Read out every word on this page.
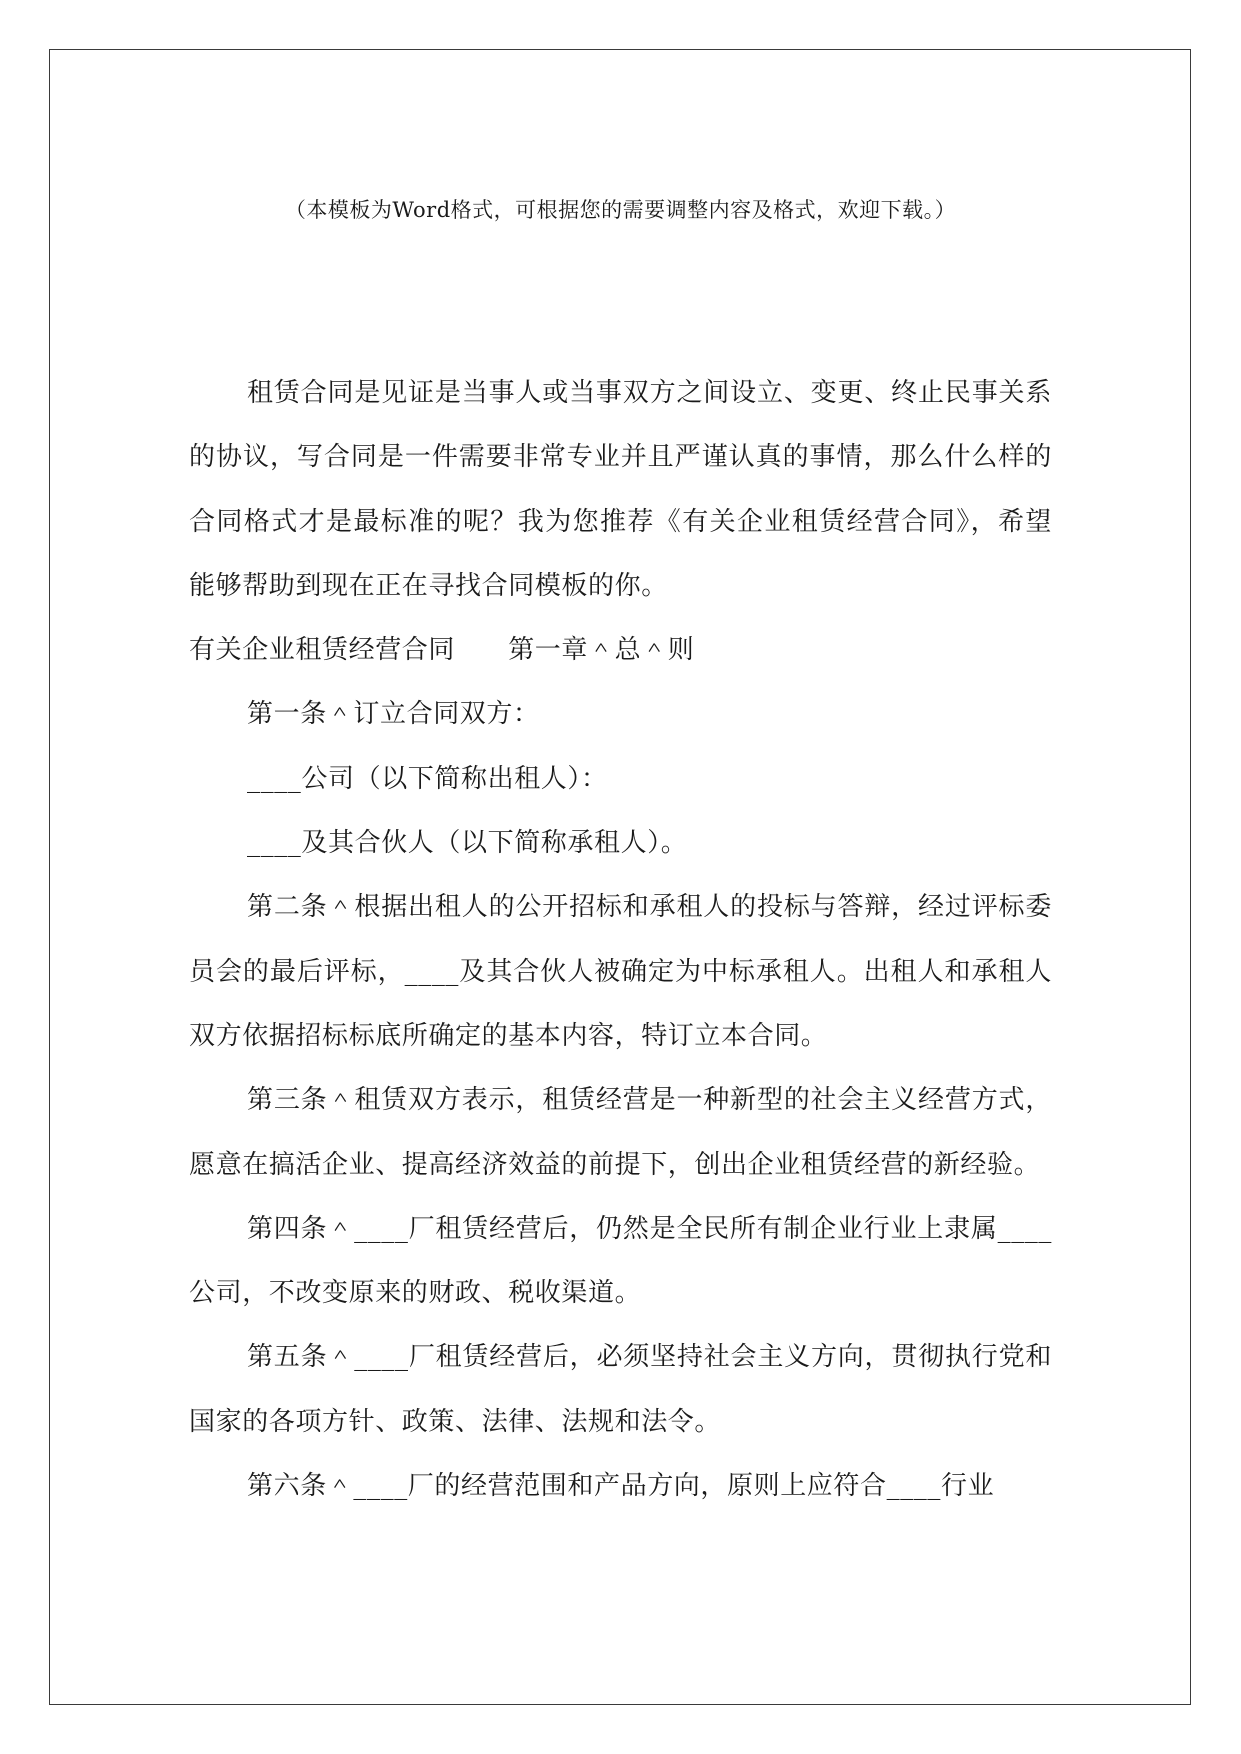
（本模板为Word格式，可根据您的需要调整内容及格式，欢迎下载。）

租赁合同是见证是当事人或当事双方之间设立、变更、终止民事关系的协议，写合同是一件需要非常专业并且严谨认真的事情，那么什么样的合同格式才是最标准的呢？我为您推荐《有关企业租赁经营合同》，希望能够帮助到现在正在寻找合同模板的你。

有关企业租赁经营合同　　第一章＾总＾则

第一条＾订立合同双方：

____公司（以下简称出租人）：

____及其合伙人（以下简称承租人）。

第二条＾根据出租人的公开招标和承租人的投标与答辩，经过评标委员会的最后评标，____及其合伙人被确定为中标承租人。出租人和承租人双方依据招标标底所确定的基本内容，特订立本合同。

第三条＾租赁双方表示，租赁经营是一种新型的社会主义经营方式，愿意在搞活企业、提高经济效益的前提下，创出企业租赁经营的新经验。

第四条＾____厂租赁经营后，仍然是全民所有制企业行业上隶属____公司，不改变原来的财政、税收渠道。

第五条＾____厂租赁经营后，必须坚持社会主义方向，贯彻执行党和国家的各项方针、政策、法律、法规和法令。

第六条＾____厂的经营范围和产品方向，原则上应符合____行业
